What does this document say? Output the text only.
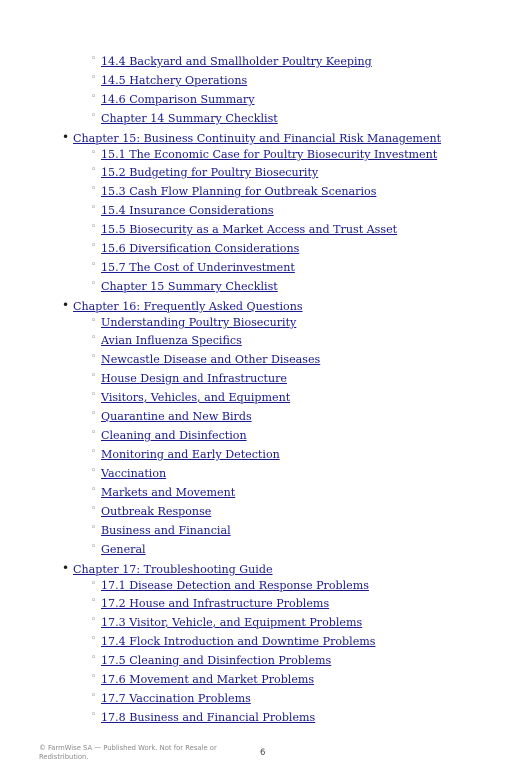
◦ 14.4 Backyard and Smallholder Poultry Keeping
◦ 14.5 Hatchery Operations
◦ 14.6 Comparison Summary
◦ Chapter 14 Summary Checklist
• Chapter 15: Business Continuity and Financial Risk Management
◦ 15.1 The Economic Case for Poultry Biosecurity Investment
◦ 15.2 Budgeting for Poultry Biosecurity
◦ 15.3 Cash Flow Planning for Outbreak Scenarios
◦ 15.4 Insurance Considerations
◦ 15.5 Biosecurity as a Market Access and Trust Asset
◦ 15.6 Diversification Considerations
◦ 15.7 The Cost of Underinvestment
◦ Chapter 15 Summary Checklist
• Chapter 16: Frequently Asked Questions
◦ Understanding Poultry Biosecurity
◦ Avian Influenza Specifics
◦ Newcastle Disease and Other Diseases
◦ House Design and Infrastructure
◦ Visitors, Vehicles, and Equipment
◦ Quarantine and New Birds
◦ Cleaning and Disinfection
◦ Monitoring and Early Detection
◦ Vaccination
◦ Markets and Movement
◦ Outbreak Response
◦ Business and Financial
◦ General
• Chapter 17: Troubleshooting Guide
◦ 17.1 Disease Detection and Response Problems
◦ 17.2 House and Infrastructure Problems
◦ 17.3 Visitor, Vehicle, and Equipment Problems
◦ 17.4 Flock Introduction and Downtime Problems
◦ 17.5 Cleaning and Disinfection Problems
◦ 17.6 Movement and Market Problems
◦ 17.7 Vaccination Problems
◦ 17.8 Business and Financial Problems
© FarmWise SA — Published Work. Not for Resale or Redistribution.	6
